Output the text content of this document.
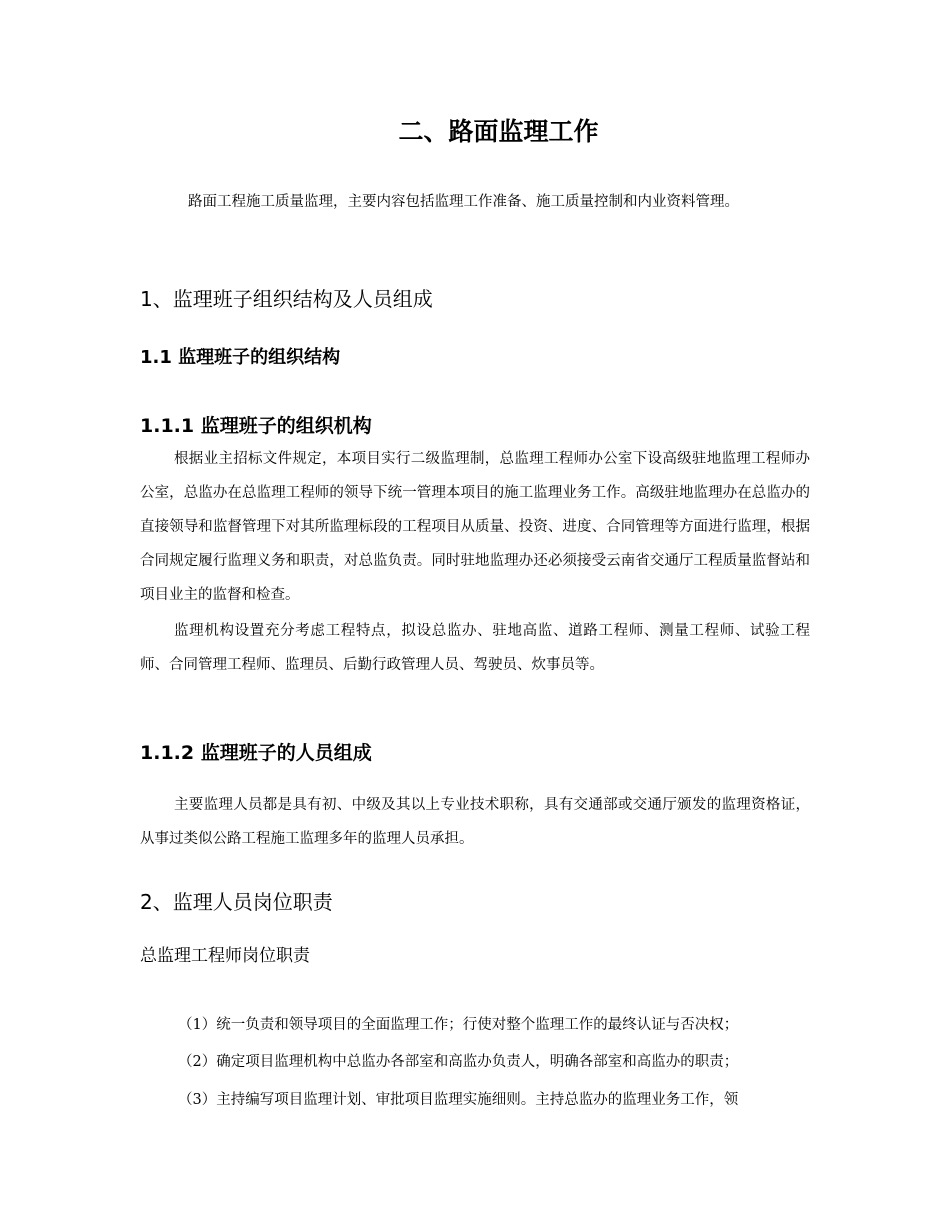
二、路面监理工作
路面工程施工质量监理，主要内容包括监理工作准备、施工质量控制和内业资料管理。
1、监理班子组织结构及人员组成
1.1 监理班子的组织结构
1.1.1 监理班子的组织机构

根据业主招标文件规定，本项目实行二级监理制，总监理工程师办公室下设高级驻地监理工程师办公室，总监办在总监理工程师的领导下统一管理本项目的施工监理业务工作。高级驻地监理办在总监办的直接领导和监督管理下对其所监理标段的工程项目从质量、投资、进度、合同管理等方面进行监理，根据合同规定履行监理义务和职责，对总监负责。同时驻地监理办还必须接受云南省交通厅工程质量监督站和项目业主的监督和检查。

监理机构设置充分考虑工程特点，拟设总监办、驻地高监、道路工程师、测量工程师、试验工程师、合同管理工程师、监理员、后勤行政管理人员、驾驶员、炊事员等。

1.1.2 监理班子的人员组成

主要监理人员都是具有初、中级及其以上专业技术职称，具有交通部或交通厅颁发的监理资格证，从事过类似公路工程施工监理多年的监理人员承担。

2、监理人员岗位职责
总监理工程师岗位职责
（1）统一负责和领导项目的全面监理工作；行使对整个监理工作的最终认证与否决权；
（2）确定项目监理机构中总监办各部室和高监办负责人，明确各部室和高监办的职责；
（3）主持编写项目监理计划、审批项目监理实施细则。主持总监办的监理业务工作，领
